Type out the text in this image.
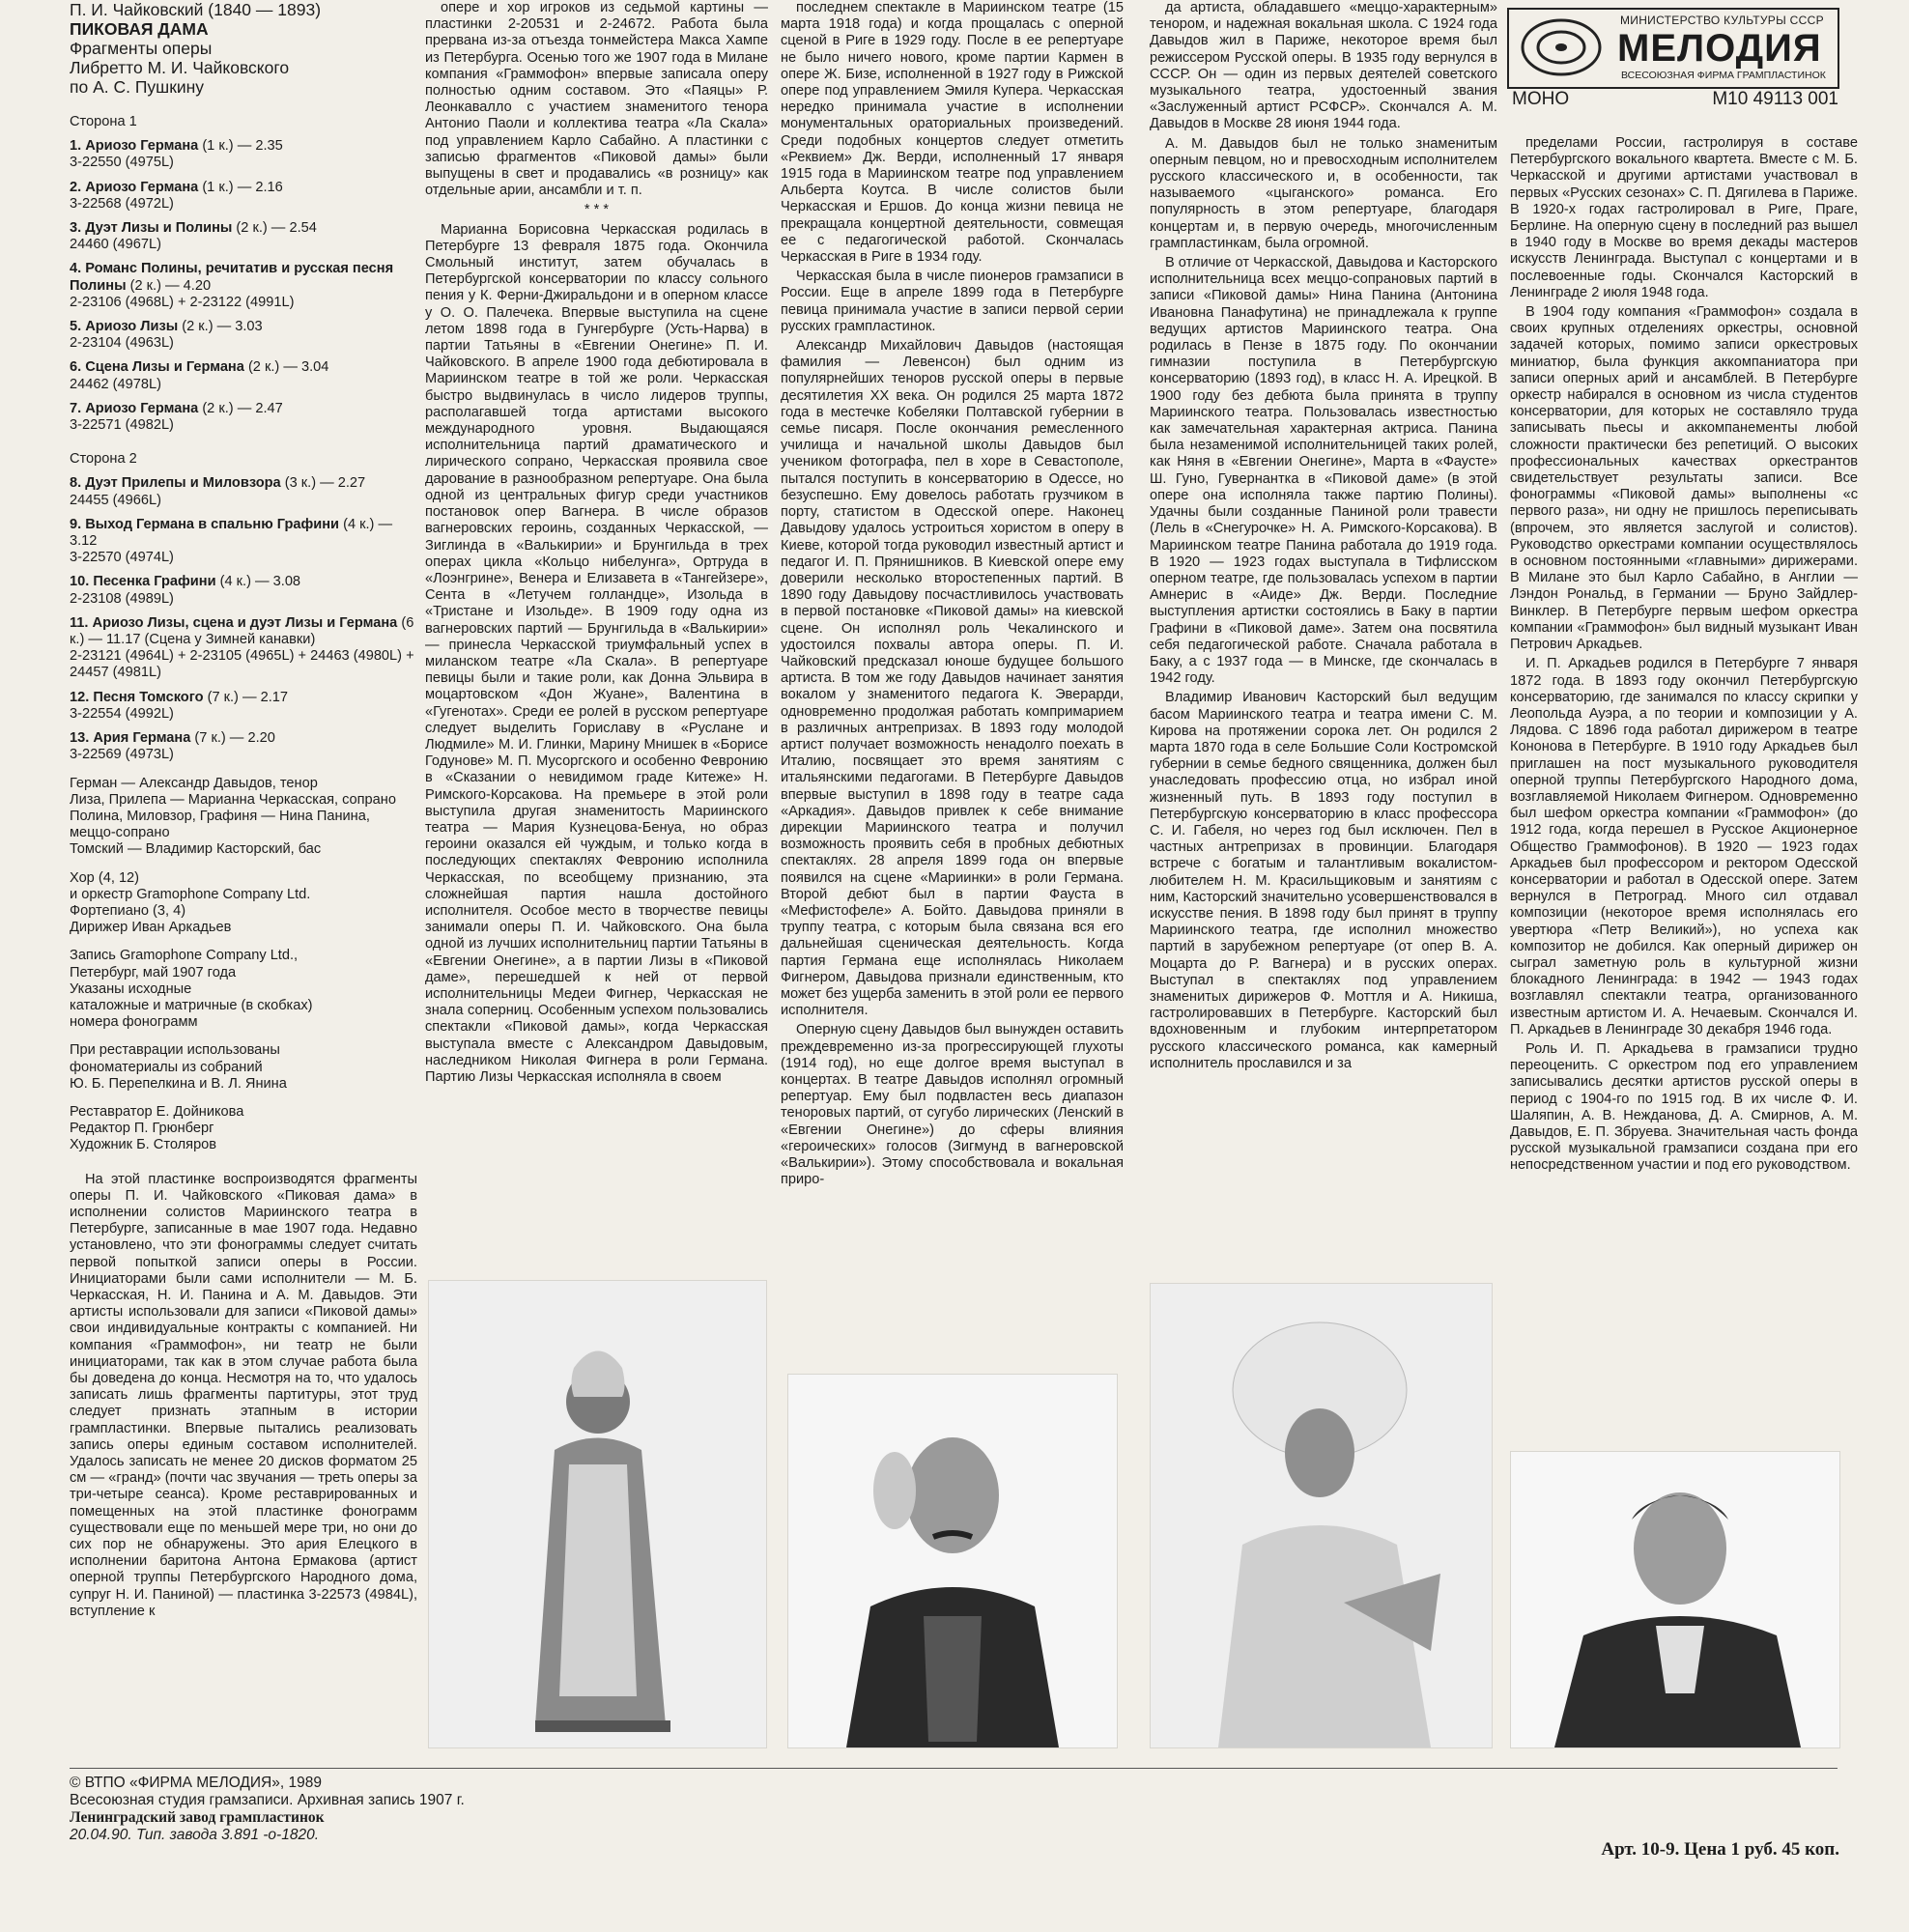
П. И. Чайковский (1840 — 1893)
ПИКОВАЯ ДАМА
Фрагменты оперы
Либретто М. И. Чайковского
по А. С. Пушкину
Сторона 1
1. Ариозо Германа (1 к.) — 2.35
3-22550 (4975L)
2. Ариозо Германа (1 к.) — 2.16
3-22568 (4972L)
3. Дуэт Лизы и Полины (2 к.) — 2.54
24460 (4967L)
4. Романс Полины, речитатив и русская песня Полины (2 к.) — 4.20
2-23106 (4968L) + 2-23122 (4991L)
5. Ариозо Лизы (2 к.) — 3.03
2-23104 (4963L)
6. Сцена Лизы и Германа (2 к.) — 3.04
24462 (4978L)
7. Ариозо Германа (2 к.) — 2.47
3-22571 (4982L)
Сторона 2
8. Дуэт Прилепы и Миловзора (3 к.) — 2.27
24455 (4966L)
9. Выход Германа в спальню Графини (4 к.) — 3.12
3-22570 (4974L)
10. Песенка Графини (4 к.) — 3.08
2-23108 (4989L)
11. Ариозо Лизы, сцена и дуэт Лизы и Германа (6 к.) — 11.17 (Сцена у Зимней канавки)
2-23121 (4964L) + 2-23105 (4965L) + 24463 (4980L) + 24457 (4981L)
12. Песня Томского (7 к.) — 2.17
3-22554 (4992L)
13. Ария Германа (7 к.) — 2.20
3-22569 (4973L)
Герман — Александр Давыдов, тенор
Лиза, Прилепа — Марианна Черкасская, сопрано
Полина, Миловзор, Графиня — Нина Панина, меццо-сопрано
Томский — Владимир Касторский, бас
Хор (4, 12)
и оркестр Gramophone Company Ltd.
Фортепиано (3, 4)
Дирижер Иван Аркадьев
Запись Gramophone Company Ltd.,
Петербург, май 1907 года
Указаны исходные
каталожные и матричные (в скобках)
номера фонограмм
При реставрации использованы
фономатериалы из собраний
Ю. Б. Перепелкина и В. Л. Янина
Реставратор Е. Дойникова
Редактор П. Грюнберг
Художник Б. Столяров

На этой пластинке воспроизводятся фрагменты оперы П. И. Чайковского «Пиковая дама» в исполнении солистов Мариинского театра в Петербурге, записанные в мае 1907 года. Недавно установлено, что эти фонограммы следует считать первой попыткой записи оперы в России. Инициаторами были сами исполнители — М. Б. Черкасская, Н. И. Панина и А. М. Давыдов. Эти артисты использовали для записи «Пиковой дамы» свои индивидуальные контракты с компанией. Ни компания «Граммофон», ни театр не были инициаторами, так как в этом случае работа была бы доведена до конца. Несмотря на то, что удалось записать лишь фрагменты партитуры, этот труд следует признать этапным в истории грампластинки. Впервые пытались реализовать запись оперы единым составом исполнителей. Удалось записать не менее 20 дисков форматом 25 см — «гранд» (почти час звучания — треть оперы за три-четыре сеанса). Кроме реставрированных и помещенных на этой пластинке фонограмм существовали еще по меньшей мере три, но они до сих пор не обнаружены. Это ария Елецкого в исполнении баритона Антона Ермакова (артист оперной труппы Петербургского Народного дома, супруг Н. И. Паниной) — пластинка 3-22573 (4984L), вступление к

опере и хор игроков из седьмой картины — пластинки 2-20531 и 2-24672. Работа была прервана из-за отъезда тонмейстера Макса Хампе из Петербурга. Осенью того же 1907 года в Милане компания «Граммофон» впервые записала оперу полностью одним составом. Это «Паяцы» Р. Леонкавалло с участием знаменитого тенора Антонио Паоли и коллектива театра «Ла Скала» под управлением Карло Сабайно. А пластинки с записью фрагментов «Пиковой дамы» были выпущены в свет и продавались «в розницу» как отдельные арии, ансамбли и т. п.

* * *

Марианна Борисовна Черкасская родилась в Петербурге 13 февраля 1875 года. Окончила Смольный институт, затем обучалась в Петербургской консерватории по классу сольного пения у К. Ферни-Джиральдони и в оперном классе у О. О. Палечека. Впервые выступила на сцене летом 1898 года в Гунгербурге (Усть-Нарва) в партии Татьяны в «Евгении Онегине» П. И. Чайковского. В апреле 1900 года дебютировала в Мариинском театре в той же роли. Черкасская быстро выдвинулась в число лидеров труппы, располагавшей тогда артистами высокого международного уровня. Выдающаяся исполнительница партий драматического и лирического сопрано, Черкасская проявила свое дарование в разнообразном репертуаре. Она была одной из центральных фигур среди участников постановок опер Вагнера. В числе образов вагнеровских героинь, созданных Черкасской, — Зиглинда в «Валькирии» и Брунгильда в трех операх цикла «Кольцо нибелунга», Ортруда в «Лоэнгрине», Венера и Елизавета в «Тангейзере», Сента в «Летучем голландце», Изольда в «Тристане и Изольде». В 1909 году одна из вагнеровских партий — Брунгильда в «Валькирии» — принесла Черкасской триумфальный успех в миланском театре «Ла Скала». В репертуаре певицы были и такие роли, как Донна Эльвира в моцартовском «Дон Жуане», Валентина в «Гугенотах». Среди ее ролей в русском репертуаре следует выделить Гориславу в «Руслане и Людмиле» М. И. Глинки, Марину Мнишек в «Борисе Годунове» М. П. Мусоргского и особенно Февронию в «Сказании о невидимом граде Китеже» Н. Римского-Корсакова. На премьере в этой роли выступила другая знаменитость Мариинского театра — Мария Кузнецова-Бенуа, но образ героини оказался ей чуждым, и только когда в последующих спектаклях Февронию исполнила Черкасская, по всеобщему признанию, эта сложнейшая партия нашла достойного исполнителя. Особое место в творчестве певицы занимали оперы П. И. Чайковского. Она была одной из лучших исполнительниц партии Татьяны в «Евгении Онегине», а в партии Лизы в «Пиковой даме», перешедшей к ней от первой исполнительницы Медеи Фигнер, Черкасская не знала соперниц. Особенным успехом пользовались спектакли «Пиковой дамы», когда Черкасская выступала вместе с Александром Давыдовым, наследником Николая Фигнера в роли Германа. Партию Лизы Черкасская исполняла в своем

последнем спектакле в Мариинском театре (15 марта 1918 года) и когда прощалась с оперной сценой в Риге в 1929 году. После в ее репертуаре не было ничего нового, кроме партии Кармен в опере Ж. Бизе, исполненной в 1927 году в Рижской опере под управлением Эмиля Купера. Черкасская нередко принимала участие в исполнении монументальных ораториальных произведений. Среди подобных концертов следует отметить «Реквием» Дж. Верди, исполненный 17 января 1915 года в Мариинском театре под управлением Альберта Коутса. В числе солистов были Черкасская и Ершов. До конца жизни певица не прекращала концертной деятельности, совмещая ее с педагогической работой. Скончалась Черкасская в Риге в 1934 году.

Черкасская была в числе пионеров грамзаписи в России. Еще в апреле 1899 года в Петербурге певица принимала участие в записи первой серии русских грампластинок.

Александр Михайлович Давыдов (настоящая фамилия — Левенсон) был одним из популярнейших теноров русской оперы в первые десятилетия XX века. Он родился 25 марта 1872 года в местечке Кобеляки Полтавской губернии в семье писаря. После окончания ремесленного училища и начальной школы Давыдов был учеником фотографа, пел в хоре в Севастополе, пытался поступить в консерваторию в Одессе, но безуспешно. Ему довелось работать грузчиком в порту, статистом в Одесской опере. Наконец Давыдову удалось устроиться хористом в оперу в Киеве, которой тогда руководил известный артист и педагог И. П. Прянишников. В Киевской опере ему доверили несколько второстепенных партий. В 1890 году Давыдову посчастливилось участвовать в первой постановке «Пиковой дамы» на киевской сцене. Он исполнял роль Чекалинского и удостоился похвалы автора оперы. П. И. Чайковский предсказал юноше будущее большого артиста. В том же году Давыдов начинает занятия вокалом у знаменитого педагога К. Эверарди, одновременно продолжая работать компримарием в различных антрепризах. В 1893 году молодой артист получает возможность ненадолго поехать в Италию, посвящает это время занятиям с итальянскими педагогами. В Петербурге Давыдов впервые выступил в 1898 году в театре сада «Аркадия». Давыдов привлек к себе внимание дирекции Мариинского театра и получил возможность проявить себя в пробных дебютных спектаклях. 28 апреля 1899 года он впервые появился на сцене «Мариинки» в роли Германа. Второй дебют был в партии Фауста в «Мефистофеле» А. Бойто. Давыдова приняли в труппу театра, с которым была связана вся его дальнейшая сценическая деятельность. Когда партия Германа еще исполнялась Николаем Фигнером, Давыдова признали единственным, кто может без ущерба заменить в этой роли ее первого исполнителя.

Оперную сцену Давыдов был вынужден оставить преждевременно из-за прогрессирующей глухоты (1914 год), но еще долгое время выступал в концертах. В театре Давыдов исполнял огромный репертуар. Ему был подвластен весь диапазон теноровых партий, от сугубо лирических (Ленский в «Евгении Онегине») до сферы влияния «героических» голосов (Зигмунд в вагнеровской «Валькирии»). Этому способствовала и вокальная приро-

да артиста, обладавшего «меццо-характерным» тенором, и надежная вокальная школа. С 1924 года Давыдов жил в Париже, некоторое время был режиссером Русской оперы. В 1935 году вернулся в СССР. Он — один из первых деятелей советского музыкального театра, удостоенный звания «Заслуженный артист РСФСР». Скончался А. М. Давыдов в Москве 28 июня 1944 года.

А. М. Давыдов был не только знаменитым оперным певцом, но и превосходным исполнителем русского классического и, в особенности, так называемого «цыганского» романса. Его популярность в этом репертуаре, благодаря концертам и, в первую очередь, многочисленным грампластинкам, была огромной.

В отличие от Черкасской, Давыдова и Касторского исполнительница всех меццо-сопрановых партий в записи «Пиковой дамы» Нина Панина (Антонина Ивановна Панафутина) не принадлежала к группе ведущих артистов Мариинского театра. Она родилась в Пензе в 1875 году. По окончании гимназии поступила в Петербургскую консерваторию (1893 год), в класс Н. А. Ирецкой. В 1900 году без дебюта была принята в труппу Мариинского театра. Пользовалась известностью как замечательная характерная актриса. Панина была незаменимой исполнительницей таких ролей, как Няня в «Евгении Онегине», Марта в «Фаусте» Ш. Гуно, Гувернантка в «Пиковой даме» (в этой опере она исполняла также партию Полины). Удачны были созданные Паниной роли травести (Лель в «Снегурочке» Н. А. Римского-Корсакова). В Мариинском театре Панина работала до 1919 года. В 1920 — 1923 годах выступала в Тифлисском оперном театре, где пользовалась успехом в партии Амнерис в «Аиде» Дж. Верди. Последние выступления артистки состоялись в Баку в партии Графини в «Пиковой даме». Затем она посвятила себя педагогической работе. Сначала работала в Баку, а с 1937 года — в Минске, где скончалась в 1942 году.

Владимир Иванович Касторский был ведущим басом Мариинского театра и театра имени С. М. Кирова на протяжении сорока лет. Он родился 2 марта 1870 года в селе Большие Соли Костромской губернии в семье бедного священника, должен был унаследовать профессию отца, но избрал иной жизненный путь. В 1893 году поступил в Петербургскую консерваторию в класс профессора С. И. Габеля, но через год был исключен. Пел в частных антрепризах в провинции. Благодаря встрече с богатым и талантливым вокалистом-любителем Н. М. Красильщиковым и занятиям с ним, Касторский значительно усовершенствовался в искусстве пения. В 1898 году был принят в труппу Мариинского театра, где исполнил множество партий в зарубежном репертуаре (от опер В. А. Моцарта до Р. Вагнера) и в русских операх. Выступал в спектаклях под управлением знаменитых дирижеров Ф. Моттля и А. Никиша, гастролировавших в Петербурге. Касторский был вдохновенным и глубоким интерпретатором русского классического романса, как камерный исполнитель прославился и за

пределами России, гастролируя в составе Петербургского вокального квартета. Вместе с М. Б. Черкасской и другими артистами участвовал в первых «Русских сезонах» С. П. Дягилева в Париже. В 1920-х годах гастролировал в Риге, Праге, Берлине. На оперную сцену в последний раз вышел в 1940 году в Москве во время декады мастеров искусств Ленинграда. Выступал с концертами и в послевоенные годы. Скончался Касторский в Ленинграде 2 июля 1948 года.

В 1904 году компания «Граммофон» создала в своих крупных отделениях оркестры, основной задачей которых, помимо записи оркестровых миниатюр, была функция аккомпаниатора при записи оперных арий и ансамблей. В Петербурге оркестр набирался в основном из числа студентов консерватории, для которых не составляло труда записывать пьесы и аккомпанементы любой сложности практически без репетиций. О высоких профессиональных качествах оркестрантов свидетельствует результаты записи. Все фонограммы «Пиковой дамы» выполнены «с первого раза», ни одну не пришлось переписывать (впрочем, это является заслугой и солистов). Руководство оркестрами компании осуществлялось в основном постоянными «главными» дирижерами. В Милане это был Карло Сабайно, в Англии — Лэндон Рональд, в Германии — Бруно Зайдлер-Винклер. В Петербурге первым шефом оркестра компании «Граммофон» был видный музыкант Иван Петрович Аркадьев.

И. П. Аркадьев родился в Петербурге 7 января 1872 года. В 1893 году окончил Петербургскую консерваторию, где занимался по классу скрипки у Леопольда Ауэра, а по теории и композиции у А. Лядова. С 1896 года работал дирижером в театре Кононова в Петербурге. В 1910 году Аркадьев был приглашен на пост музыкального руководителя оперной труппы Петербургского Народного дома, возглавляемой Николаем Фигнером. Одновременно был шефом оркестра компании «Граммофон» (до 1912 года, когда перешел в Русское Акционерное Общество Граммофонов). В 1920 — 1923 годах Аркадьев был профессором и ректором Одесской консерватории и работал в Одесской опере. Затем вернулся в Петроград. Много сил отдавал композиции (некоторое время исполнялась его увертюра «Петр Великий»), но успеха как композитор не добился. Как оперный дирижер он сыграл заметную роль в культурной жизни блокадного Ленинграда: в 1942 — 1943 годах возглавлял спектакли театра, организованного известным артистом И. А. Нечаевым. Скончался И. П. Аркадьев в Ленинграде 30 декабря 1946 года.

Роль И. П. Аркадьева в грамзаписи трудно переоценить. С оркестром под его управлением записывались десятки артистов русской оперы в период с 1904-го по 1915 год. В их числе Ф. И. Шаляпин, А. В. Нежданова, Д. А. Смирнов, А. М. Давыдов, Е. П. Збруева. Значительная часть фонда русской музыкальной грамзаписи создана при его непосредственном участии и под его руководством.

МИНИСТЕРСТВО КУЛЬТУРЫ СССР
МЕЛОДИЯ
ВСЕСОЮЗНАЯ ФИРМА ГРАМПЛАСТИНОК
МОНО	М10 49113 001
© ВТПО «ФИРМА МЕЛОДИЯ», 1989
Всесоюзная студия грамзаписи. Архивная запись 1907 г.
Ленинградский завод грампластинок
20.04.90. Тип. завода 3.891 -о-1820.
Арт. 10-9. Цена 1 руб. 45 коп.
